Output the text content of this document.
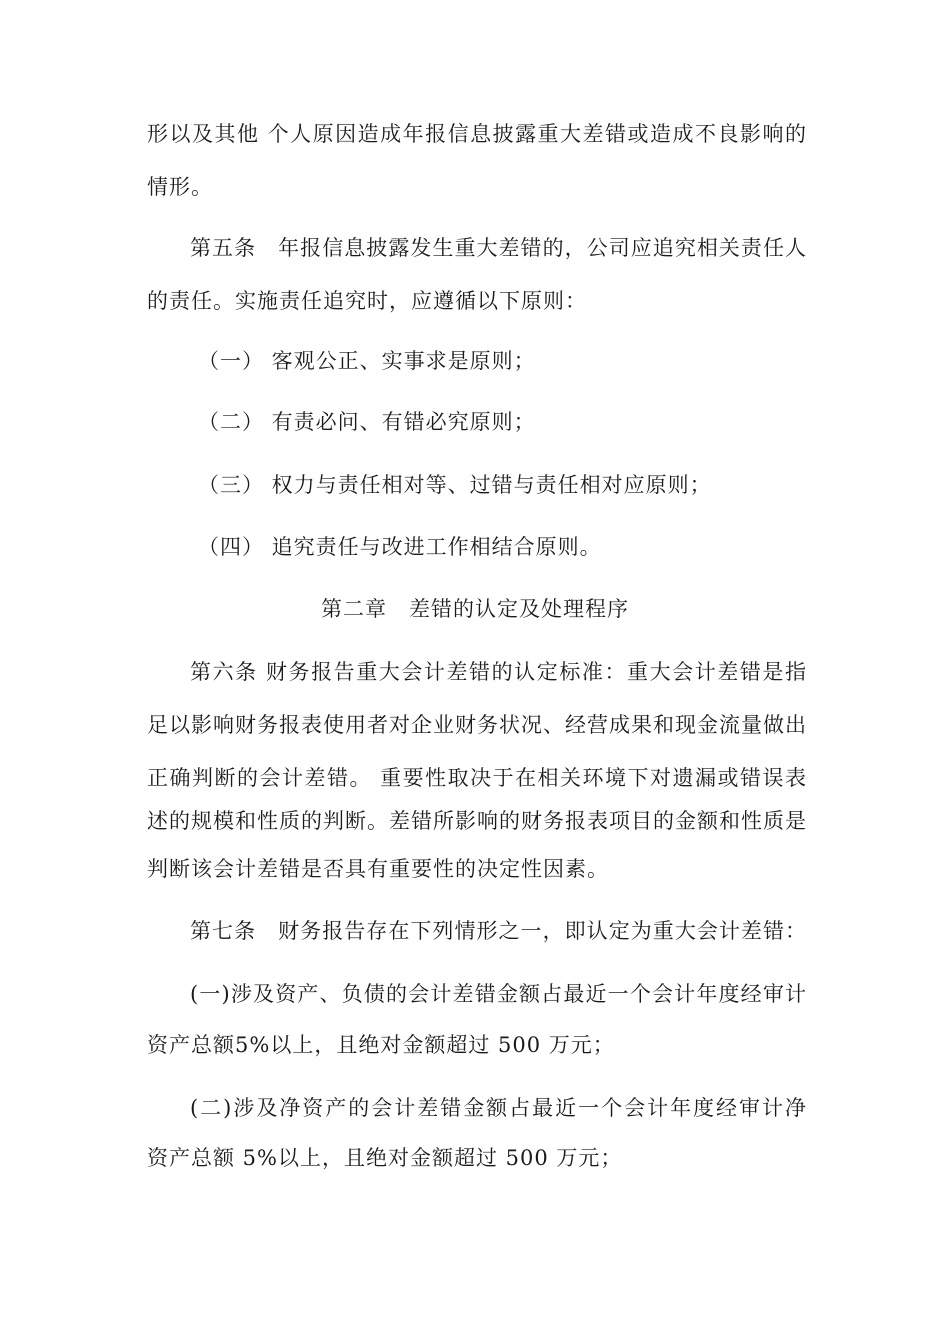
形以及其他 个人原因造成年报信息披露重大差错或造成不良影响的
情形。
第五条　年报信息披露发生重大差错的，公司应追究相关责任人
的责任。实施责任追究时，应遵循以下原则：
（一） 客观公正、实事求是原则；
（二） 有责必问、有错必究原则；
（三） 权力与责任相对等、过错与责任相对应原则；
（四） 追究责任与改进工作相结合原则。
第二章　差错的认定及处理程序
第六条 财务报告重大会计差错的认定标准：重大会计差错是指
足以影响财务报表使用者对企业财务状况、经营成果和现金流量做出
正确判断的会计差错。 重要性取决于在相关环境下对遗漏或错误表
述的规模和性质的判断。差错所影响的财务报表项目的金额和性质是
判断该会计差错是否具有重要性的决定性因素。
第七条　财务报告存在下列情形之一，即认定为重大会计差错：
(一)涉及资产、负债的会计差错金额占最近一个会计年度经审计
资产总额5%以上，且绝对金额超过 500 万元；
(二)涉及净资产的会计差错金额占最近一个会计年度经审计净
资产总额 5%以上，且绝对金额超过 500 万元；
